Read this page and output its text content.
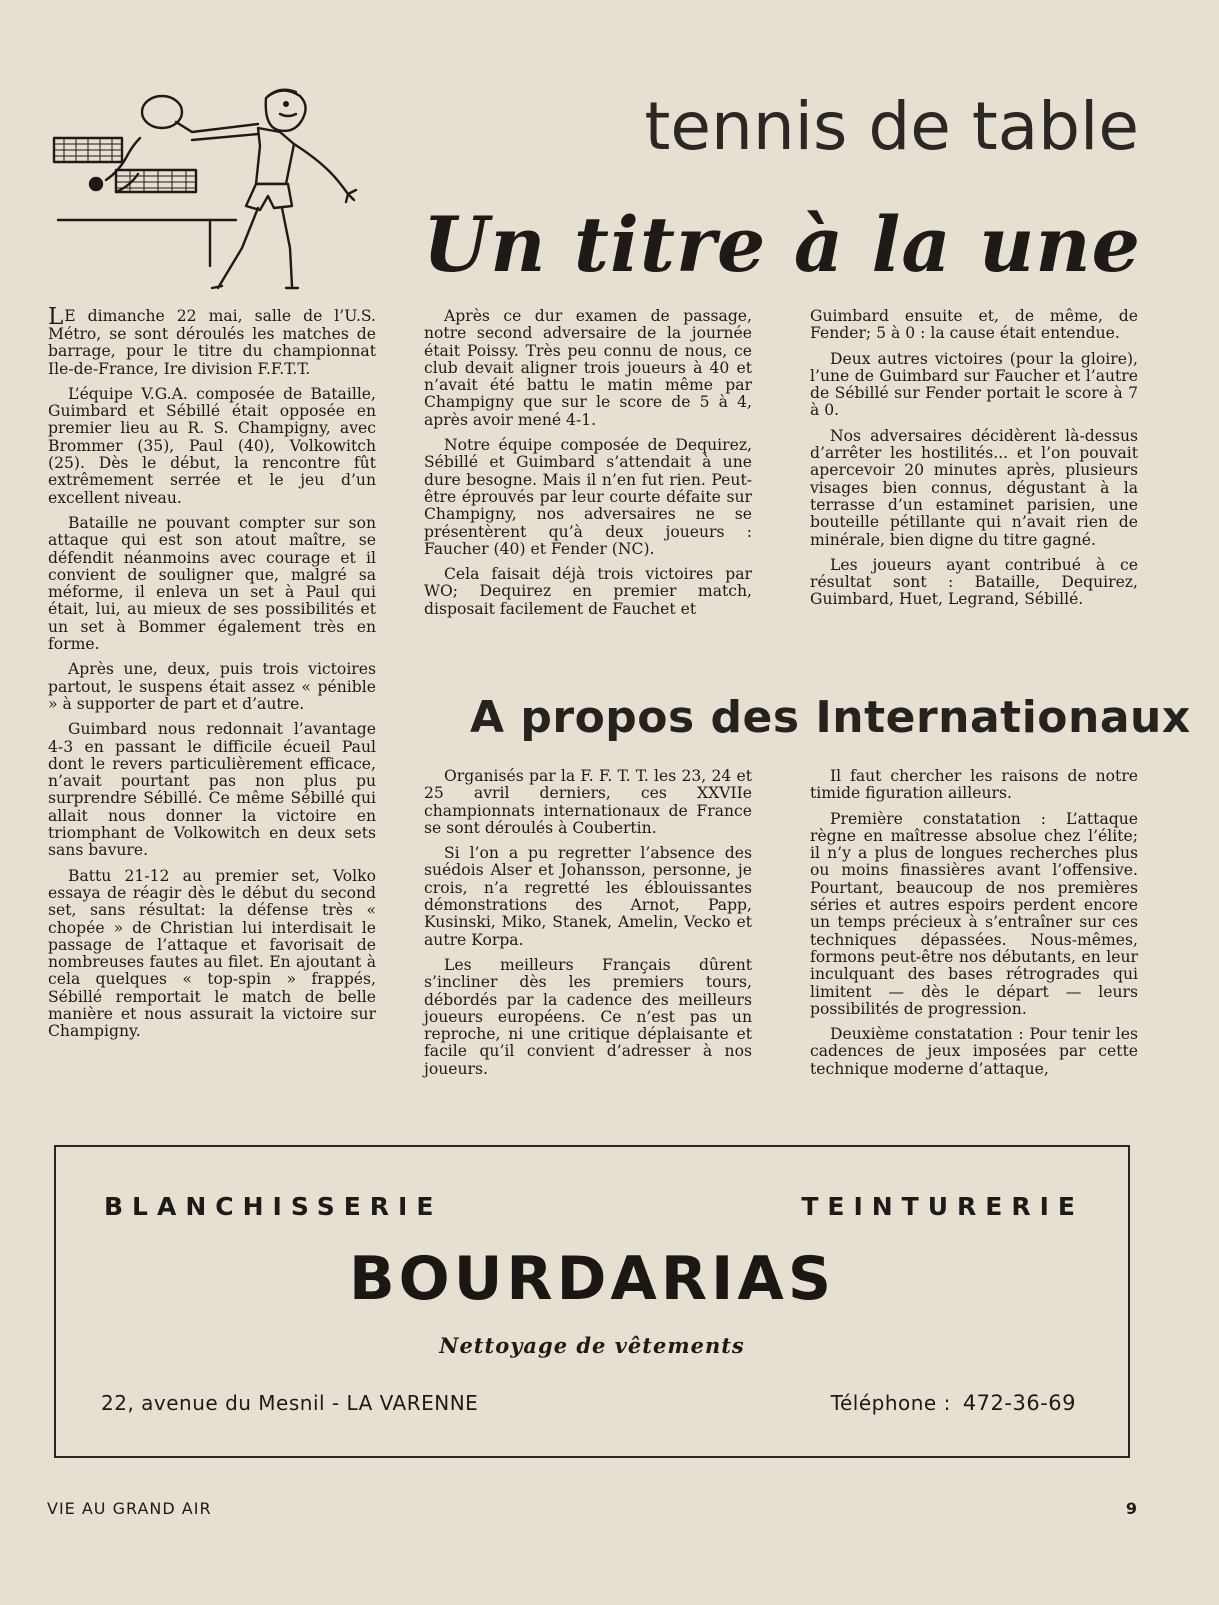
tennis de table
Un titre à la une

LE dimanche 22 mai, salle de l’U.S. Métro, se sont déroulés les matches de barrage, pour le titre du championnat Ile-de-France, Ire division F.F.T.T.

L’équipe V.G.A. composée de Bataille, Guimbard et Sébillé était opposée en premier lieu au R. S. Champigny, avec Brommer (35), Paul (40), Volkowitch (25). Dès le début, la rencontre fût extrêmement serrée et le jeu d’un excellent niveau.

Bataille ne pouvant compter sur son attaque qui est son atout maître, se défendit néanmoins avec courage et il convient de souligner que, malgré sa méforme, il enleva un set à Paul qui était, lui, au mieux de ses possibilités et un set à Bommer également très en forme.

Après une, deux, puis trois victoires partout, le suspens était assez « pénible » à supporter de part et d’autre.

Guimbard nous redonnait l’avantage 4-3 en passant le difficile écueil Paul dont le revers particulièrement efficace, n’avait pourtant pas non plus pu surprendre Sébillé. Ce même Sébillé qui allait nous donner la victoire en triomphant de Volkowitch en deux sets sans bavure.

Battu 21-12 au premier set, Volko essaya de réagir dès le début du second set, sans résultat: la défense très « chopée » de Christian lui interdisait le passage de l’attaque et favorisait de nombreuses fautes au filet. En ajoutant à cela quelques « top-spin » frappés, Sébillé remportait le match de belle manière et nous assurait la victoire sur Champigny.

Après ce dur examen de passage, notre second adversaire de la journée était Poissy. Très peu connu de nous, ce club devait aligner trois joueurs à 40 et n’avait été battu le matin même par Champigny que sur le score de 5 à 4, après avoir mené 4-1.

Notre équipe composée de Dequirez, Sébillé et Guimbard s’attendait à une dure besogne. Mais il n’en fut rien. Peut-être éprouvés par leur courte défaite sur Champigny, nos adversaires ne se présentèrent qu’à deux joueurs : Faucher (40) et Fender (NC).

Cela faisait déjà trois victoires par WO; Dequirez en premier match, disposait facilement de Fauchet et

Guimbard ensuite et, de même, de Fender; 5 à 0 : la cause était entendue.

Deux autres victoires (pour la gloire), l’une de Guimbard sur Faucher et l’autre de Sébillé sur Fender portait le score à 7 à 0.

Nos adversaires décidèrent là-dessus d’arrêter les hostilités... et l’on pouvait apercevoir 20 minutes après, plusieurs visages bien connus, dégustant à la terrasse d’un estaminet parisien, une bouteille pétillante qui n’avait rien de minérale, bien digne du titre gagné.

Les joueurs ayant contribué à ce résultat sont : Bataille, Dequirez, Guimbard, Huet, Legrand, Sébillé.

A propos des Internationaux

Organisés par la F. F. T. T. les 23, 24 et 25 avril derniers, ces XXVIIe championnats internationaux de France se sont déroulés à Coubertin.

Si l’on a pu regretter l’absence des suédois Alser et Johansson, personne, je crois, n’a regretté les éblouissantes démonstrations des Arnot, Papp, Kusinski, Miko, Stanek, Amelin, Vecko et autre Korpa.

Les meilleurs Français dûrent s’incliner dès les premiers tours, débordés par la cadence des meilleurs joueurs européens. Ce n’est pas un reproche, ni une critique déplaisante et facile qu’il convient d’adresser à nos joueurs.

Il faut chercher les raisons de notre timide figuration ailleurs.

Première constatation : L’attaque règne en maîtresse absolue chez l’élite; il n’y a plus de longues recherches plus ou moins finassières avant l’offensive. Pourtant, beaucoup de nos premières séries et autres espoirs perdent encore un temps précieux à s’entraîner sur ces techniques dépassées. Nous-mêmes, formons peut-être nos débutants, en leur inculquant des bases rétrogrades qui limitent — dès le départ — leurs possibilités de progression.

Deuxième constatation : Pour tenir les cadences de jeux imposées par cette technique moderne d’attaque,

BLANCHISSERIE	TEINTURERIE
BOURDARIAS
Nettoyage de vêtements
22, avenue du Mesnil - LA VARENNE	Téléphone : 472-36-69
VIE AU GRAND AIR	9
